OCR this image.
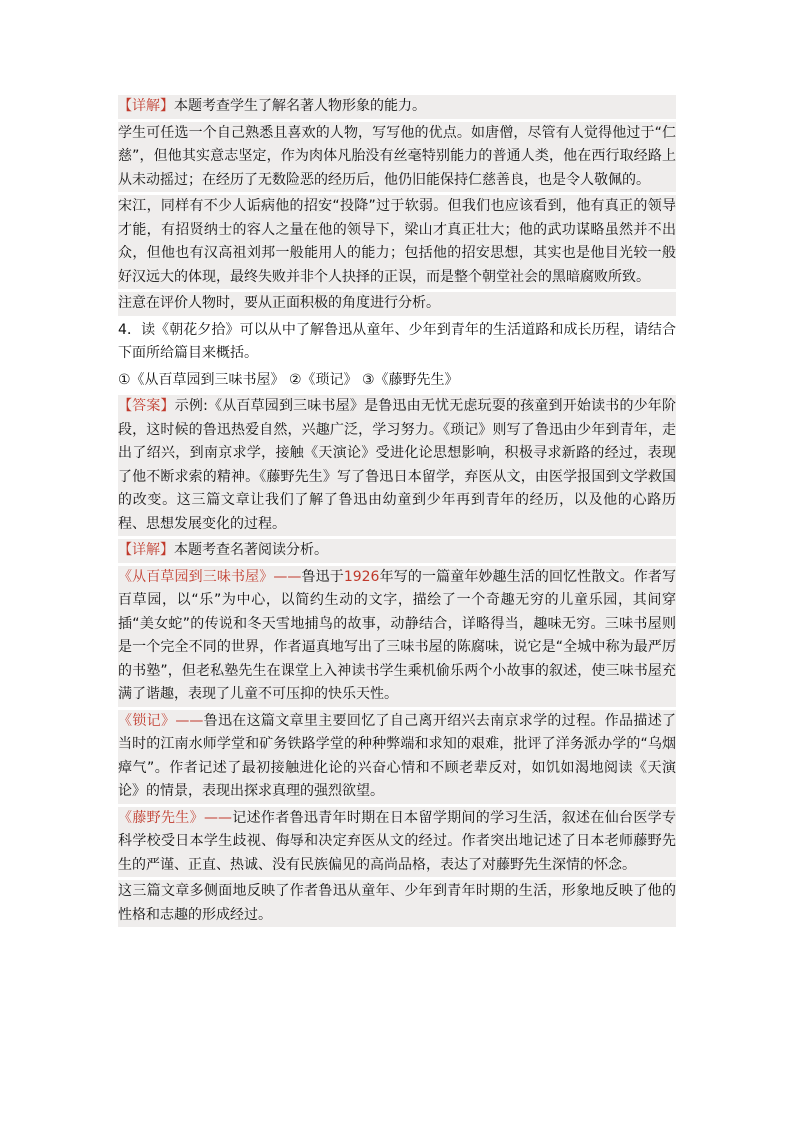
【详解】本题考查学生了解名著人物形象的能力。

学生可任选一个自己熟悉且喜欢的人物，写写他的优点。如唐僧，尽管有人觉得他过于“仁慈”，但他其实意志坚定，作为肉体凡胎没有丝毫特别能力的普通人类，他在西行取经路上从未动摇过；在经历了无数险恶的经历后，他仍旧能保持仁慈善良，也是令人敬佩的。

宋江，同样有不少人诟病他的招安“投降”过于软弱。但我们也应该看到，他有真正的领导才能，有招贤纳士的容人之量在他的领导下，梁山才真正壮大；他的武功谋略虽然并不出众，但他也有汉高祖刘邦一般能用人的能力；包括他的招安思想，其实也是他目光较一般好汉远大的体现，最终失败并非个人抉择的正误，而是整个朝堂社会的黑暗腐败所致。

注意在评价人物时，要从正面积极的角度进行分析。

4．读《朝花夕拾》可以从中了解鲁迅从童年、少年到青年的生活道路和成长历程，请结合下面所给篇目来概括。

①《从百草园到三味书屋》 ②《琐记》 ③《藤野先生》

【答案】示例:《从百草园到三味书屋》是鲁迅由无忧无虑玩耍的孩童到开始读书的少年阶段，这时候的鲁迅热爱自然，兴趣广泛，学习努力。《琐记》则写了鲁迅由少年到青年，走出了绍兴，到南京求学，接触《天演论》受进化论思想影响，积极寻求新路的经过，表现了他不断求索的精神。《藤野先生》写了鲁迅日本留学，弃医从文，由医学报国到文学救国的改变。这三篇文章让我们了解了鲁迅由幼童到少年再到青年的经历，以及他的心路历程、思想发展变化的过程。

【详解】本题考查名著阅读分析。

《从百草园到三味书屋》——鲁迅于1926年写的一篇童年妙趣生活的回忆性散文。作者写百草园，以“乐”为中心，以简约生动的文字，描绘了一个奇趣无穷的儿童乐园，其间穿插“美女蛇”的传说和冬天雪地捕鸟的故事，动静结合，详略得当，趣味无穷。三味书屋则是一个完全不同的世界，作者逼真地写出了三味书屋的陈腐味，说它是“全城中称为最严厉的书塾”，但老私塾先生在课堂上入神读书学生乘机偷乐两个小故事的叙述，使三味书屋充满了谐趣，表现了儿童不可压抑的快乐天性。

《锁记》——鲁迅在这篇文章里主要回忆了自己离开绍兴去南京求学的过程。作品描述了当时的江南水师学堂和矿务铁路学堂的种种弊端和求知的艰难，批评了洋务派办学的“乌烟瘴气”。作者记述了最初接触进化论的兴奋心情和不顾老辈反对，如饥如渴地阅读《天演论》的情景，表现出探求真理的强烈欲望。

《藤野先生》——记述作者鲁迅青年时期在日本留学期间的学习生活，叙述在仙台医学专科学校受日本学生歧视、侮辱和决定弃医从文的经过。作者突出地记述了日本老师藤野先生的严谨、正直、热诚、没有民族偏见的高尚品格，表达了对藤野先生深情的怀念。

这三篇文章多侧面地反映了作者鲁迅从童年、少年到青年时期的生活，形象地反映了他的性格和志趣的形成经过。
